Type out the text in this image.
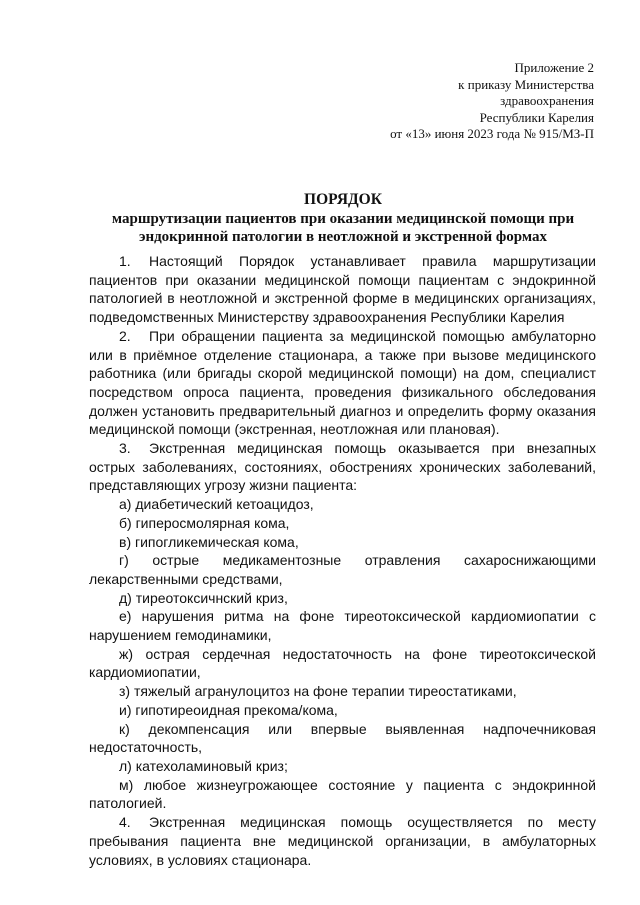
Приложение 2
к приказу Министерства
здравоохранения
Республики Карелия
от «13» июня 2023 года № 915/МЗ-П
ПОРЯДОК
маршрутизации пациентов при оказании медицинской помощи при
эндокринной патологии в неотложной и экстренной формах

1. Настоящий Порядок устанавливает правила маршрутизации пациентов при оказании медицинской помощи пациентам с эндокринной патологией в неотложной и экстренной форме в медицинских организациях, подведомственных Министерству здравоохранения Республики Карелия

2. При обращении пациента за медицинской помощью амбулаторно или в приёмное отделение стационара, а также при вызове медицинского работника (или бригады скорой медицинской помощи) на дом, специалист посредством опроса пациента, проведения физикального обследования должен установить предварительный диагноз и определить форму оказания медицинской помощи (экстренная, неотложная или плановая).

3. Экстренная медицинская помощь оказывается при внезапных острых заболеваниях, состояниях, обострениях хронических заболеваний, представляющих угрозу жизни пациента:

а) диабетический кетоацидоз,

б) гиперосмолярная кома,

в) гипогликемическая кома,

г) острые медикаментозные отравления сахароснижающими лекарственными средствами,

д) тиреотоксичнский криз,

е) нарушения ритма на фоне тиреотоксической кардиомиопатии с нарушением гемодинамики,

ж) острая сердечная недостаточность на фоне тиреотоксической кардиомиопатии,

з) тяжелый агранулоцитоз на фоне терапии тиреостатиками,

и) гипотиреоидная прекома/кома,

к) декомпенсация или впервые выявленная надпочечниковая недостаточность,

л) катехоламиновый криз;

м) любое жизнеугрожающее состояние у пациента с эндокринной патологией.

4. Экстренная медицинская помощь осуществляется по месту пребывания пациента вне медицинской организации, в амбулаторных условиях, в условиях стационара.
